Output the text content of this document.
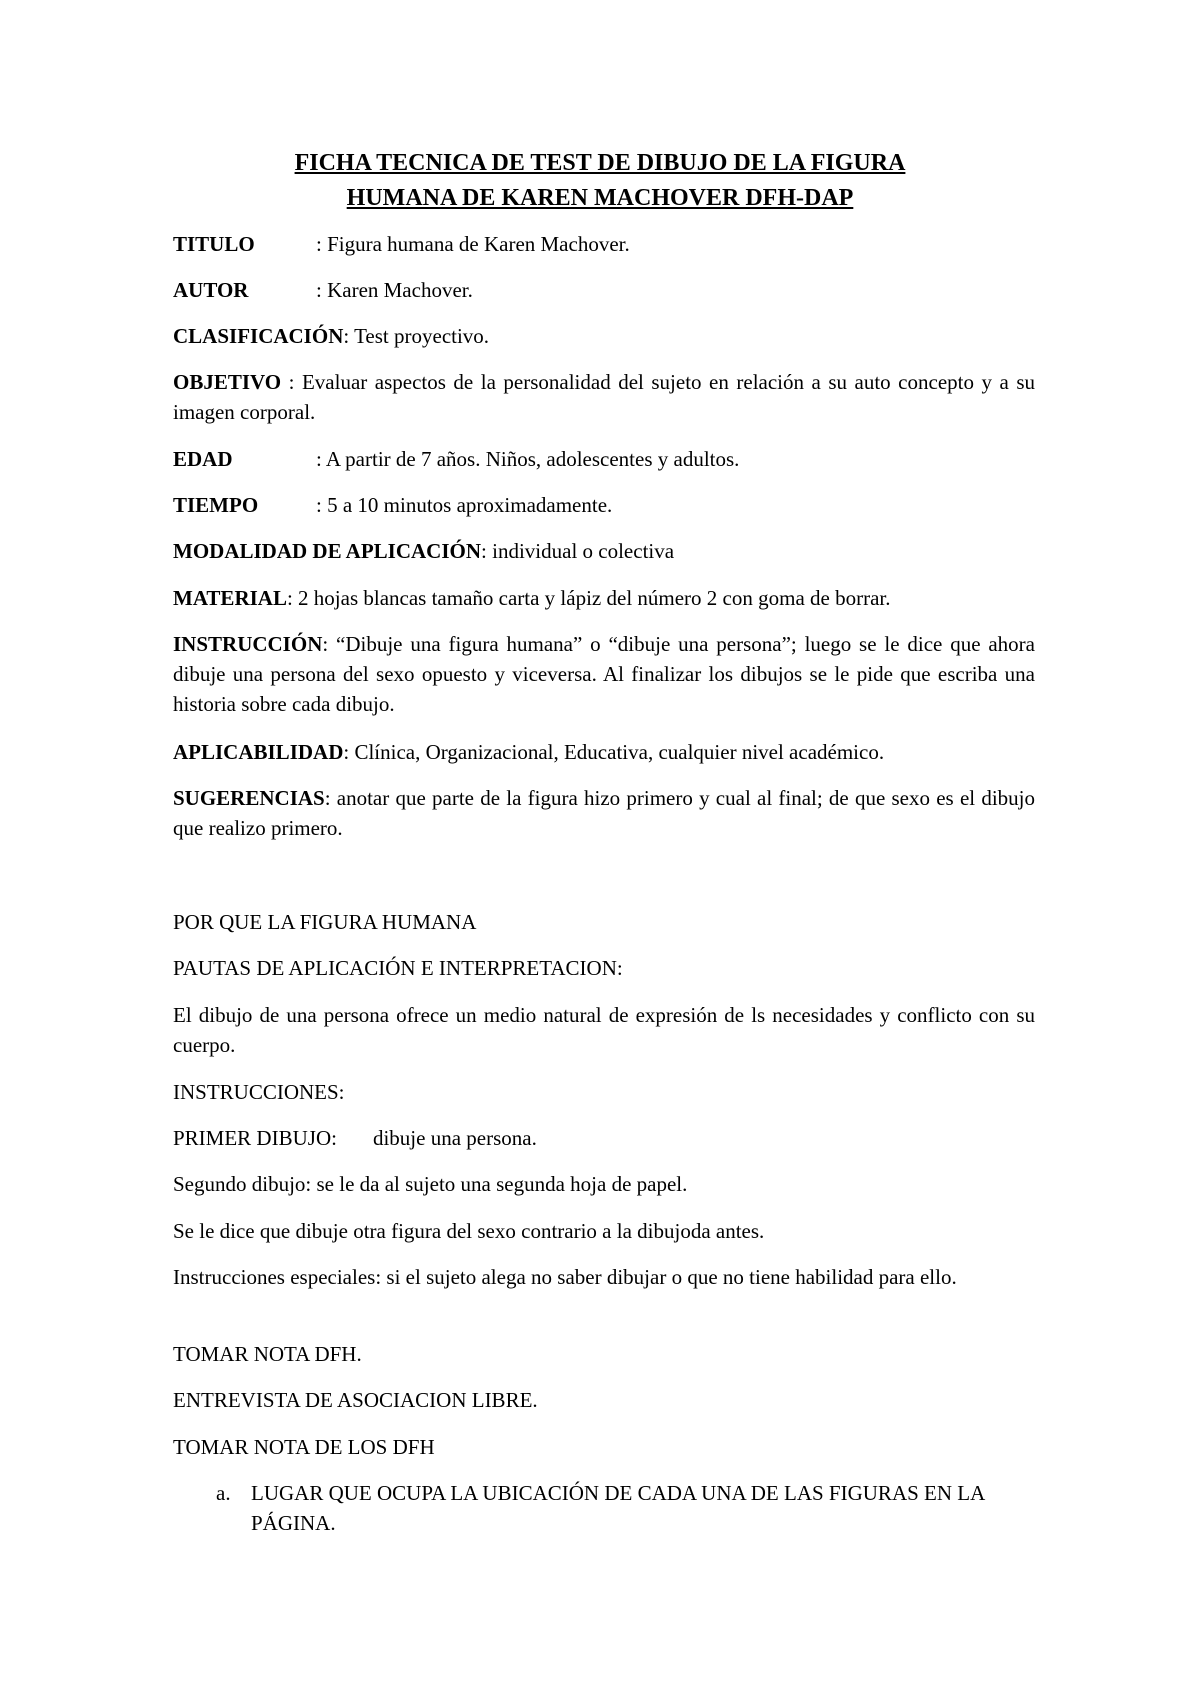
FICHA TECNICA DE TEST DE DIBUJO DE LA FIGURA
HUMANA DE KAREN MACHOVER DFH-DAP

TITULO	: Figura humana de Karen Machover.

AUTOR	: Karen Machover.

CLASIFICACIÓN: Test proyectivo.

OBJETIVO : Evaluar aspectos de la personalidad del sujeto en relación a su auto concepto y a su imagen corporal.

EDAD	: A partir de 7 años. Niños, adolescentes y adultos.

TIEMPO	: 5 a 10 minutos aproximadamente.

MODALIDAD DE APLICACIÓN: individual o colectiva

MATERIAL: 2 hojas blancas tamaño carta y lápiz del número 2 con goma de borrar.

INSTRUCCIÓN: “Dibuje una figura humana” o “dibuje una persona”; luego se le dice que ahora dibuje una persona del sexo opuesto y viceversa. Al finalizar los dibujos se le pide que escriba una historia sobre cada dibujo.

APLICABILIDAD: Clínica, Organizacional, Educativa, cualquier nivel académico.

SUGERENCIAS: anotar que parte de la figura hizo primero y cual al final; de que sexo es el dibujo que realizo primero.

POR QUE LA FIGURA HUMANA

PAUTAS DE APLICACIÓN E INTERPRETACION:

El dibujo de una persona ofrece un medio natural de expresión de ls necesidades y conflicto con su cuerpo.

INSTRUCCIONES:

PRIMER DIBUJO: dibuje una persona.

Segundo dibujo: se le da al sujeto una segunda hoja de papel.

Se le dice que dibuje otra figura del sexo contrario a la dibujoda antes.

Instrucciones especiales: si el sujeto alega no saber dibujar o que no tiene habilidad para ello.

TOMAR NOTA DFH.

ENTREVISTA DE ASOCIACION LIBRE.

TOMAR NOTA DE LOS DFH

a. LUGAR QUE OCUPA LA UBICACIÓN DE CADA UNA DE LAS FIGURAS EN LA PÁGINA.
